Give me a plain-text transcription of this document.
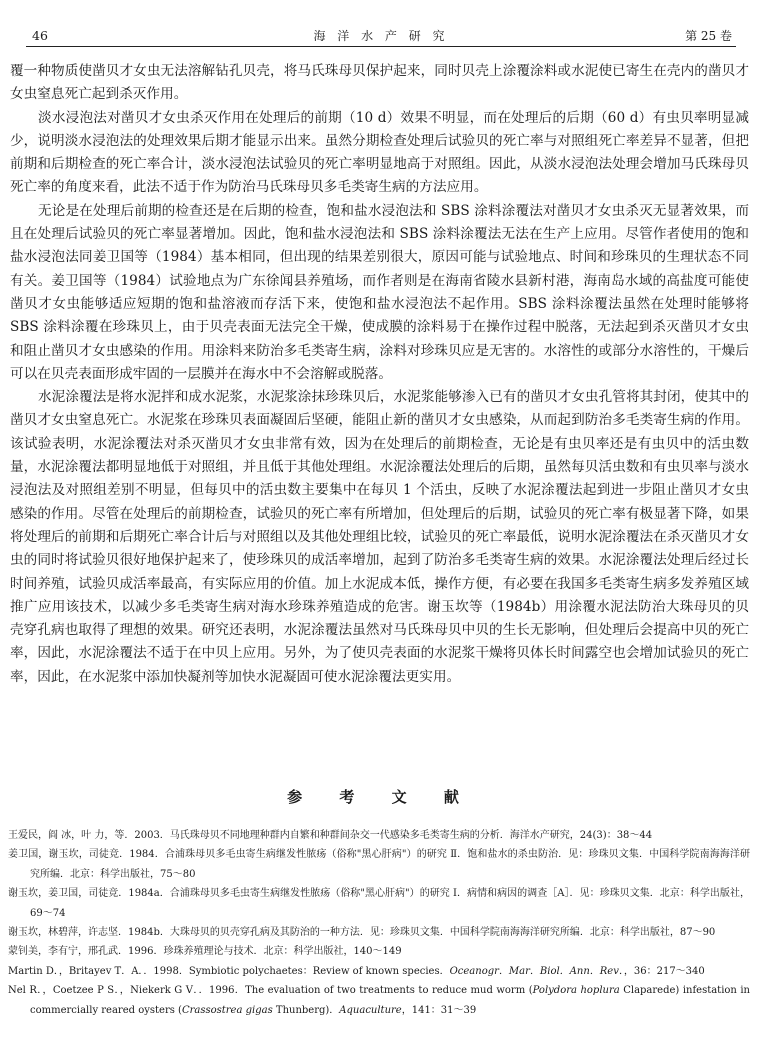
46	海 洋 水 产 研 究	第 25 卷

覆一种物质使凿贝才女虫无法溶解钻孔贝壳，将马氏珠母贝保护起来，同时贝壳上涂覆涂料或水泥使已寄生在壳内的凿贝才女虫窒息死亡起到杀灭作用。

淡水浸泡法对凿贝才女虫杀灭作用在处理后的前期（10 d）效果不明显，而在处理后的后期（60 d）有虫贝率明显减少，说明淡水浸泡法的处理效果后期才能显示出来。虽然分期检查处理后试验贝的死亡率与对照组死亡率差异不显著，但把前期和后期检查的死亡率合计，淡水浸泡法试验贝的死亡率明显地高于对照组。因此，从淡水浸泡法处理会增加马氏珠母贝死亡率的角度来看，此法不适于作为防治马氏珠母贝多毛类寄生病的方法应用。

无论是在处理后前期的检查还是在后期的检查，饱和盐水浸泡法和 SBS 涂料涂覆法对凿贝才女虫杀灭无显著效果，而且在处理后试验贝的死亡率显著增加。因此，饱和盐水浸泡法和 SBS 涂料涂覆法无法在生产上应用。尽管作者使用的饱和盐水浸泡法同姜卫国等（1984）基本相同，但出现的结果差别很大，原因可能与试验地点、时间和珍珠贝的生理状态不同有关。姜卫国等（1984）试验地点为广东徐闻县养殖场，而作者则是在海南省陵水县新村港，海南岛水域的高盐度可能使凿贝才女虫能够适应短期的饱和盐溶液而存活下来，使饱和盐水浸泡法不起作用。SBS 涂料涂覆法虽然在处理时能够将 SBS 涂料涂覆在珍珠贝上，由于贝壳表面无法完全干燥，使成膜的涂料易于在操作过程中脱落，无法起到杀灭凿贝才女虫和阻止凿贝才女虫感染的作用。用涂料来防治多毛类寄生病，涂料对珍珠贝应是无害的。水溶性的或部分水溶性的，干燥后可以在贝壳表面形成牢固的一层膜并在海水中不会溶解或脱落。

水泥涂覆法是将水泥拌和成水泥浆，水泥浆涂抹珍珠贝后，水泥浆能够渗入已有的凿贝才女虫孔管将其封闭，使其中的凿贝才女虫窒息死亡。水泥浆在珍珠贝表面凝固后坚硬，能阻止新的凿贝才女虫感染，从而起到防治多毛类寄生病的作用。该试验表明，水泥涂覆法对杀灭凿贝才女虫非常有效，因为在处理后的前期检查，无论是有虫贝率还是有虫贝中的活虫数量，水泥涂覆法都明显地低于对照组，并且低于其他处理组。水泥涂覆法处理后的后期，虽然每贝活虫数和有虫贝率与淡水浸泡法及对照组差别不明显，但每贝中的活虫数主要集中在每贝 1 个活虫，反映了水泥涂覆法起到进一步阻止凿贝才女虫感染的作用。尽管在处理后的前期检查，试验贝的死亡率有所增加，但处理后的后期，试验贝的死亡率有极显著下降，如果将处理后的前期和后期死亡率合计后与对照组以及其他处理组比较，试验贝的死亡率最低，说明水泥涂覆法在杀灭凿贝才女虫的同时将试验贝很好地保护起来了，使珍珠贝的成活率增加，起到了防治多毛类寄生病的效果。水泥涂覆法处理后经过长时间养殖，试验贝成活率最高，有实际应用的价值。加上水泥成本低，操作方便，有必要在我国多毛类寄生病多发养殖区域推广应用该技术，以减少多毛类寄生病对海水珍珠养殖造成的危害。谢玉坎等（1984b）用涂覆水泥法防治大珠母贝的贝壳穿孔病也取得了理想的效果。研究还表明，水泥涂覆法虽然对马氏珠母贝中贝的生长无影响，但处理后会提高中贝的死亡率，因此，水泥涂覆法不适于在中贝上应用。另外，为了使贝壳表面的水泥浆干燥将贝体长时间露空也会增加试验贝的死亡率，因此，在水泥浆中添加快凝剂等加快水泥凝固可使水泥涂覆法更实用。

参 考 文 献
王爱民，阎 冰，叶 力，等．2003．马氏珠母贝不同地理种群内自繁和种群间杂交一代感染多毛类寄生病的分析．海洋水产研究，24(3)：38～44
姜卫国，谢玉坎，司徒竞．1984．合浦珠母贝多毛虫寄生病继发性脓疡（俗称"黑心肝病"）的研究 Ⅱ．饱和盐水的杀虫防治．见：珍珠贝文集．中国科学院南海海洋研究所编．北京：科学出版社，75～80
谢玉坎，姜卫国，司徒竞．1984a．合浦珠母贝多毛虫寄生病继发性脓疡（俗称"黑心肝病"）的研究 Ⅰ．病情和病因的调查［A］．见：珍珠贝文集．北京：科学出版社，69～74
谢玉坎，林碧萍，许志坚．1984b．大珠母贝的贝壳穿孔病及其防治的一种方法．见：珍珠贝文集．中国科学院南海海洋研究所编．北京：科学出版社，87～90
蒙钊美，李有宁，邢孔武．1996．珍珠养殖理论与技术．北京：科学出版社，140～149
Martin D．，Britayev T．A．．1998．Symbiotic polychaetes：Review of known species．Oceanogr．Mar．Biol．Ann．Rev．，36：217～340
Nel R．，Coetzee P S．，Niekerk G V．．1996．The evaluation of two treatments to reduce mud worm (Polydora hoplura Claparede) infestation in commercially reared oysters (Crassostrea gigas Thunberg)．Aquaculture，141：31～39
